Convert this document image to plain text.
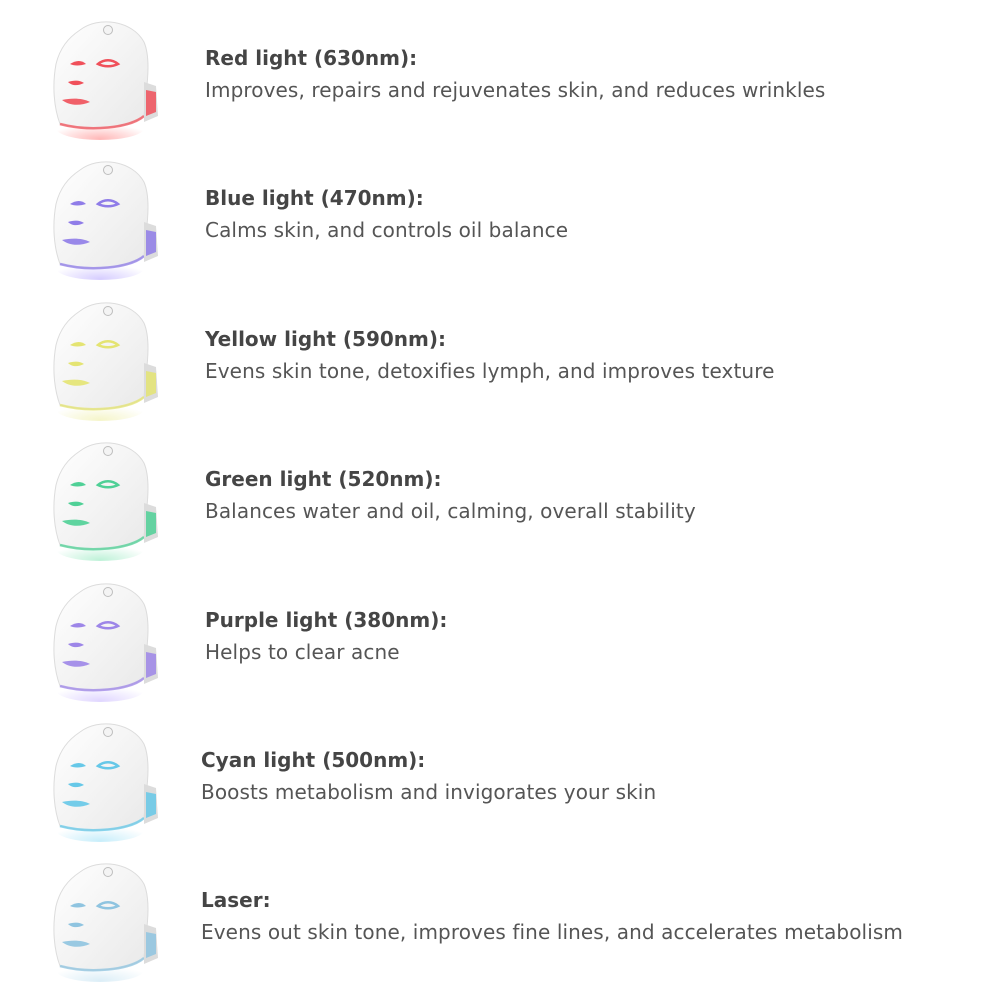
Red light (630nm):
Improves, repairs and rejuvenates skin, and reduces wrinkles
Blue light (470nm):
Calms skin, and controls oil balance
Yellow light (590nm):
Evens skin tone, detoxifies lymph, and improves texture
Green light (520nm):
Balances water and oil, calming, overall stability
Purple light (380nm):
Helps to clear acne
Cyan light (500nm):
Boosts metabolism and invigorates your skin
Laser:
Evens out skin tone, improves fine lines, and accelerates metabolism
